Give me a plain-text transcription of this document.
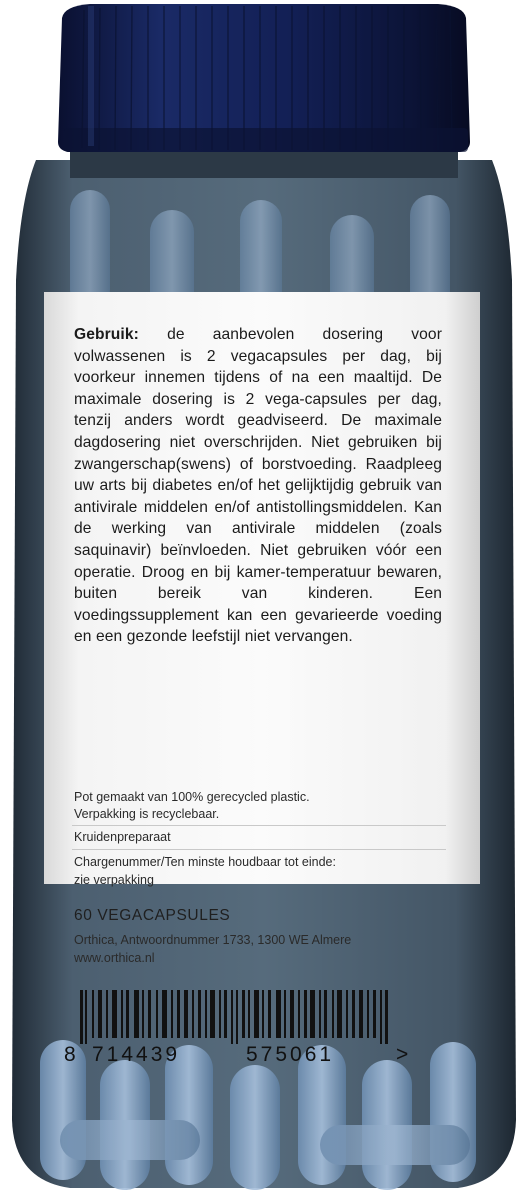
Gebruik: de aanbevolen dosering voor volwassenen is 2 vegacapsules per dag, bij voorkeur innemen tijdens of na een maaltijd. De maximale dosering is 2 vega-capsules per dag, tenzij anders wordt geadviseerd. De maximale dagdosering niet overschrijden. Niet gebruiken bij zwangerschap(swens) of borstvoeding. Raadpleeg uw arts bij diabetes en/of het gelijktijdig gebruik van antivirale middelen en/of antistollingsmiddelen. Kan de werking van antivirale middelen (zoals saquinavir) beïnvloeden. Niet gebruiken vóór een operatie. Droog en bij kamer-temperatuur bewaren, buiten bereik van kinderen. Een voedingssupplement kan een gevarieerde voeding en een gezonde leefstijl niet vervangen.
Pot gemaakt van 100% gerecycled plastic.
Verpakking is recyclebaar.
Kruidenpreparaat
Chargenummer/Ten minste houdbaar tot einde:
zie verpakking
60 VEGACAPSULES
Orthica, Antwoordnummer 1733, 1300 WE Almere
www.orthica.nl
8 714439	575061	>
